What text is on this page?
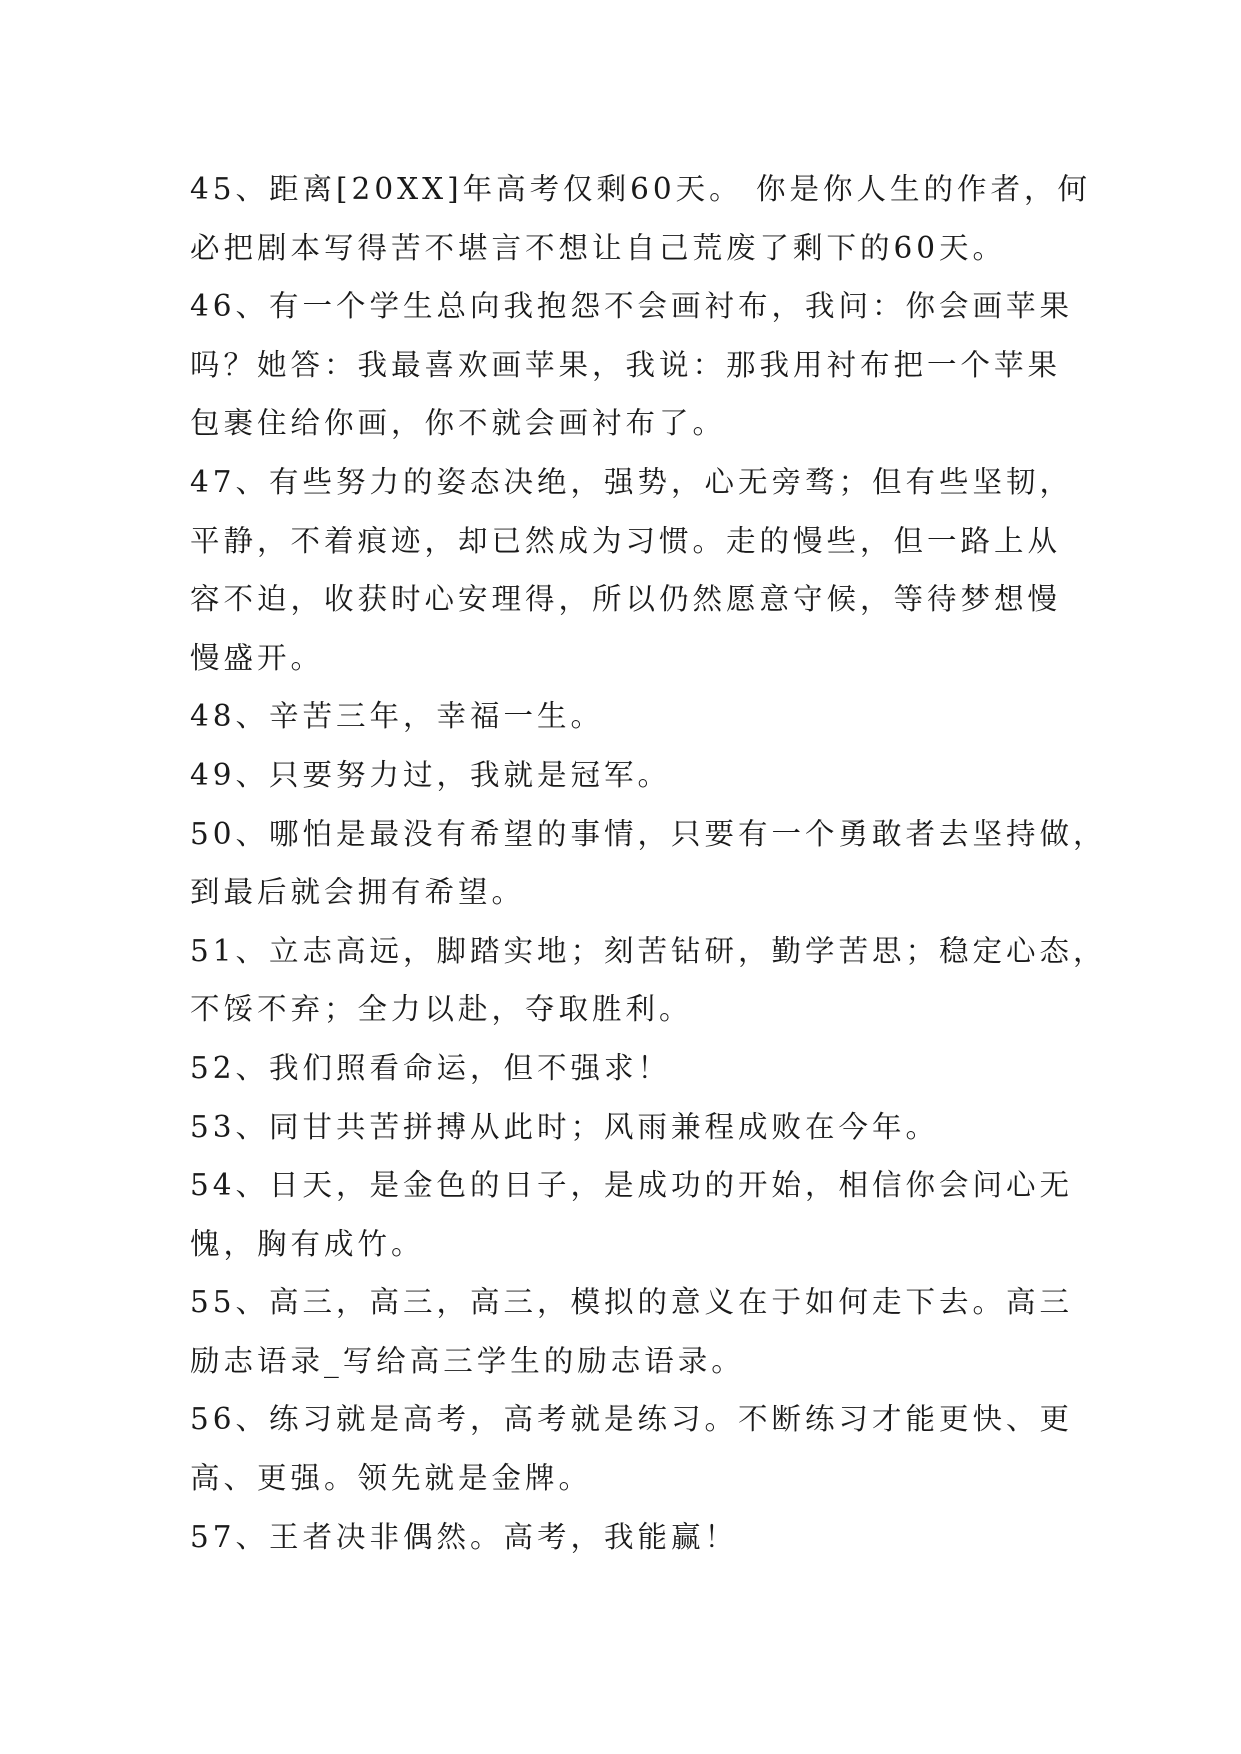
45、距离[20XX]年高考仅剩60天。 你是你人生的作者，何
必把剧本写得苦不堪言不想让自己荒废了剩下的60天。
46、有一个学生总向我抱怨不会画衬布，我问：你会画苹果
吗？她答：我最喜欢画苹果，我说：那我用衬布把一个苹果
包裹住给你画，你不就会画衬布了。
47、有些努力的姿态决绝，强势，心无旁骛；但有些坚韧，
平静，不着痕迹，却已然成为习惯。走的慢些，但一路上从
容不迫，收获时心安理得，所以仍然愿意守候，等待梦想慢
慢盛开。
48、辛苦三年，幸福一生。
49、只要努力过，我就是冠军。
50、哪怕是最没有希望的事情，只要有一个勇敢者去坚持做，
到最后就会拥有希望。
51、立志高远，脚踏实地；刻苦钻研，勤学苦思；稳定心态，
不馁不弃；全力以赴，夺取胜利。
52、我们照看命运，但不强求！
53、同甘共苦拼搏从此时；风雨兼程成败在今年。
54、日天，是金色的日子，是成功的开始，相信你会问心无
愧，胸有成竹。
55、高三，高三，高三，模拟的意义在于如何走下去。高三
励志语录_写给高三学生的励志语录。
56、练习就是高考，高考就是练习。不断练习才能更快、更
高、更强。领先就是金牌。
57、王者决非偶然。高考，我能赢！
